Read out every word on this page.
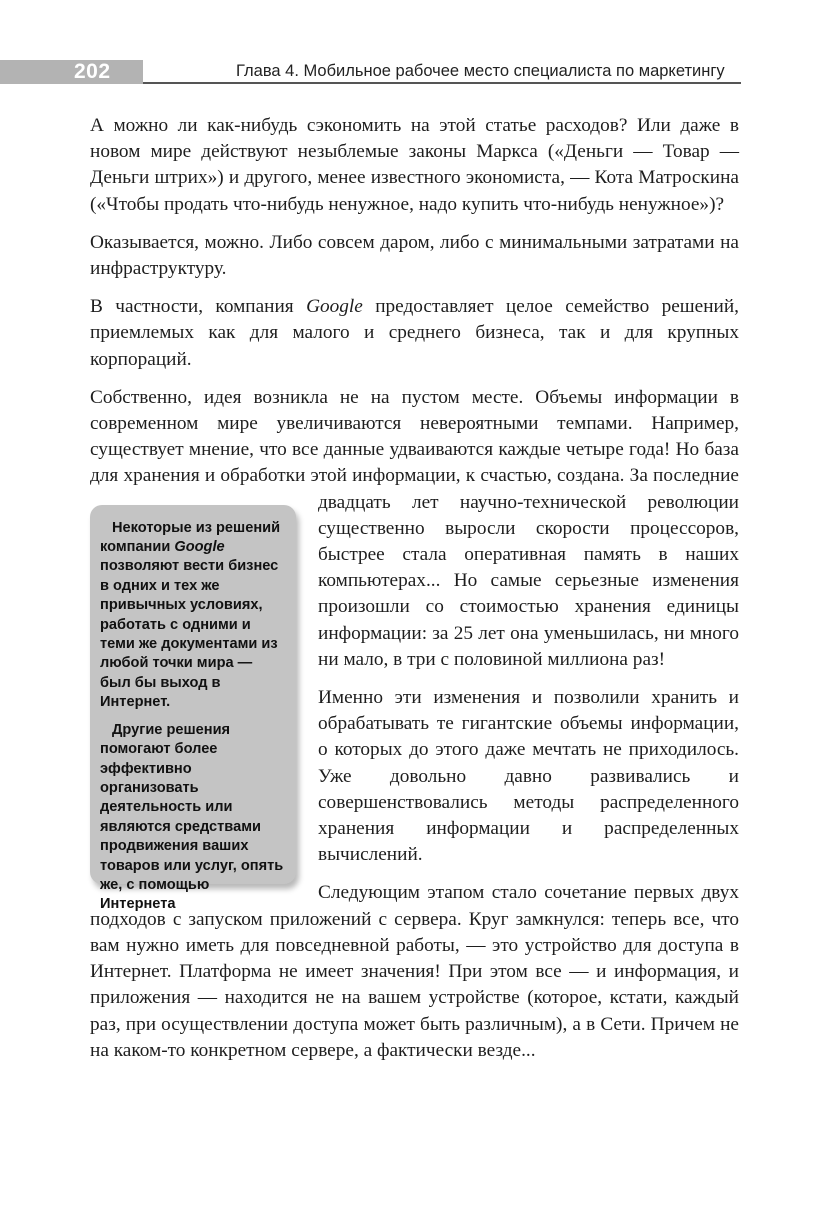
202	Глава 4. Мобильное рабочее место специалиста по маркетингу

А можно ли как-нибудь сэкономить на этой статье расходов? Или даже в новом мире действуют незыблемые законы Маркса («Деньги — Товар — Деньги штрих») и другого, менее известного экономиста, — Кота Матроскина («Чтобы продать что-нибудь ненужное, надо купить что-нибудь ненужное»)?

Оказывается, можно. Либо совсем даром, либо с минимальными затратами на инфраструктуру.

В частности, компания Google предоставляет целое семейство решений, приемлемых как для малого и среднего бизнеса, так и для крупных корпораций.

Собственно, идея возникла не на пустом месте. Объемы информации в современном мире увеличиваются невероятными темпами. Например, существует мнение, что все данные удваиваются каждые четыре года! Но база для хранения и обработки этой информации, к счастью,

Некоторые из решений компании Google позволяют вести бизнес в одних и тех же привычных условиях, работать с одними и теми же документами из любой точки мира — был бы выход в Интернет.

Другие решения помогают более эффективно организовать деятельность или являются средствами продвижения ваших товаров или услуг, опять же, с помощью Интернета

создана. За последние двадцать лет научно-технической революции существенно выросли скорости процессоров, быстрее стала оперативная память в наших компьютерах... Но самые серьезные изменения произошли со стоимостью хранения единицы информации: за 25 лет она уменьшилась, ни много ни мало, в три с половиной миллиона раз!

Именно эти изменения и позволили хранить и обрабатывать те гигантские объемы информации, о которых до этого даже мечтать не приходилось. Уже довольно давно развивались и совершенствовались методы распределенного хранения информации и распределенных вычислений.

Следующим этапом стало сочетание первых двух подходов с запуском приложений с сервера. Круг замкнулся: теперь все, что вам нужно иметь для повседневной работы, — это устройство для доступа в Интернет. Платформа не имеет значения! При этом все — и информация, и приложения — находится не на вашем устройстве (которое, кстати, каждый раз, при осуществлении доступа может быть различным), а в Сети. Причем не на каком-то конкретном сервере, а фактически везде...
